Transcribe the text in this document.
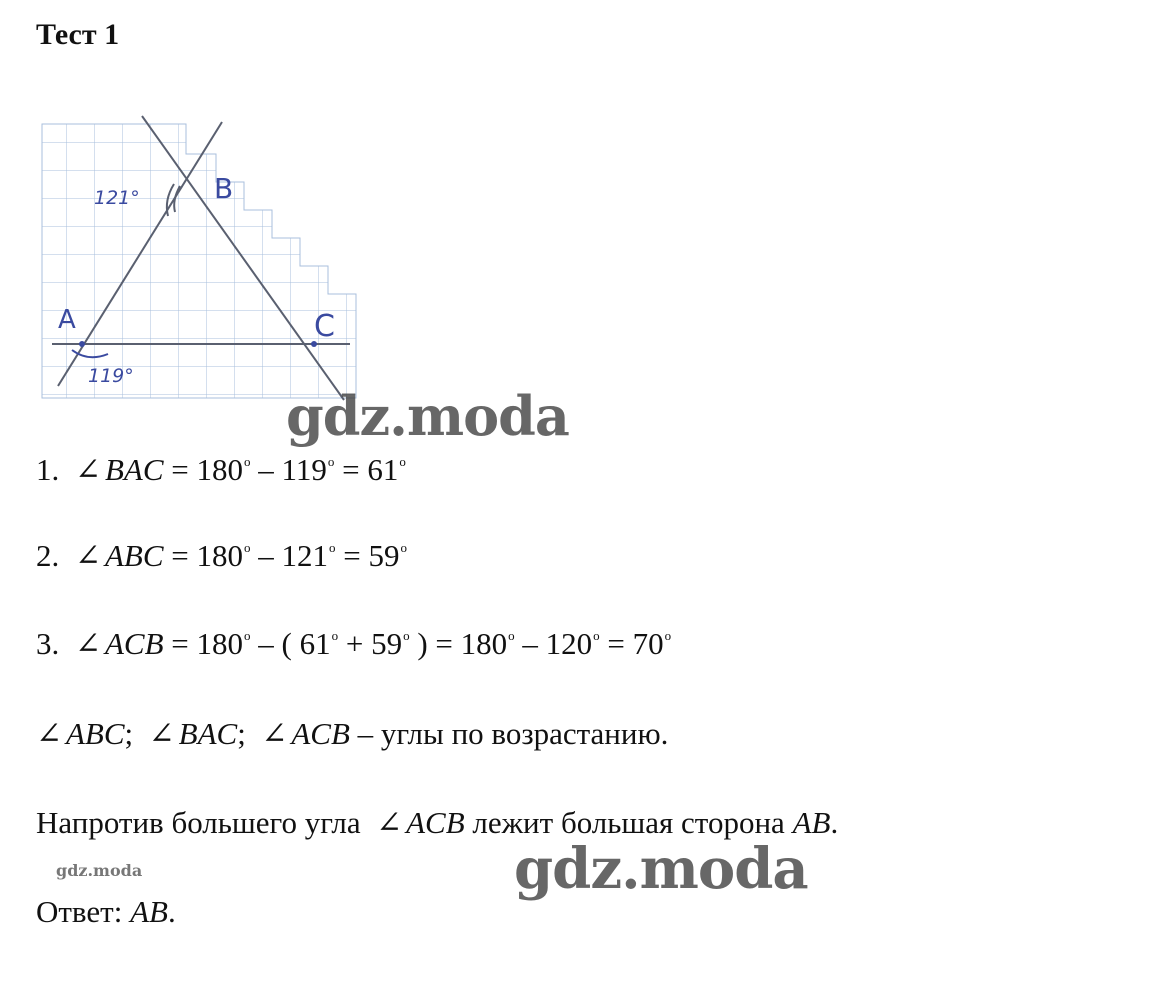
Тест 1
121°
119°
A
B
C
gdz.moda
1. ∠ BAC = $180^o - 119^o = 61^o$
2. ∠ ABC = $180^o - 121^o = 59^o$
3. ∠ ACB = $180^o$ – ( $61^o + 59^o$ ) = $180^o - 120^o = 70^o$
∠ ABC; ∠ BAC; ∠ ACB – углы по возрастанию.
Напротив большего угла ∠ ACB лежит большая сторона AB.
gdz.moda	gdz.moda
Ответ: AB.
